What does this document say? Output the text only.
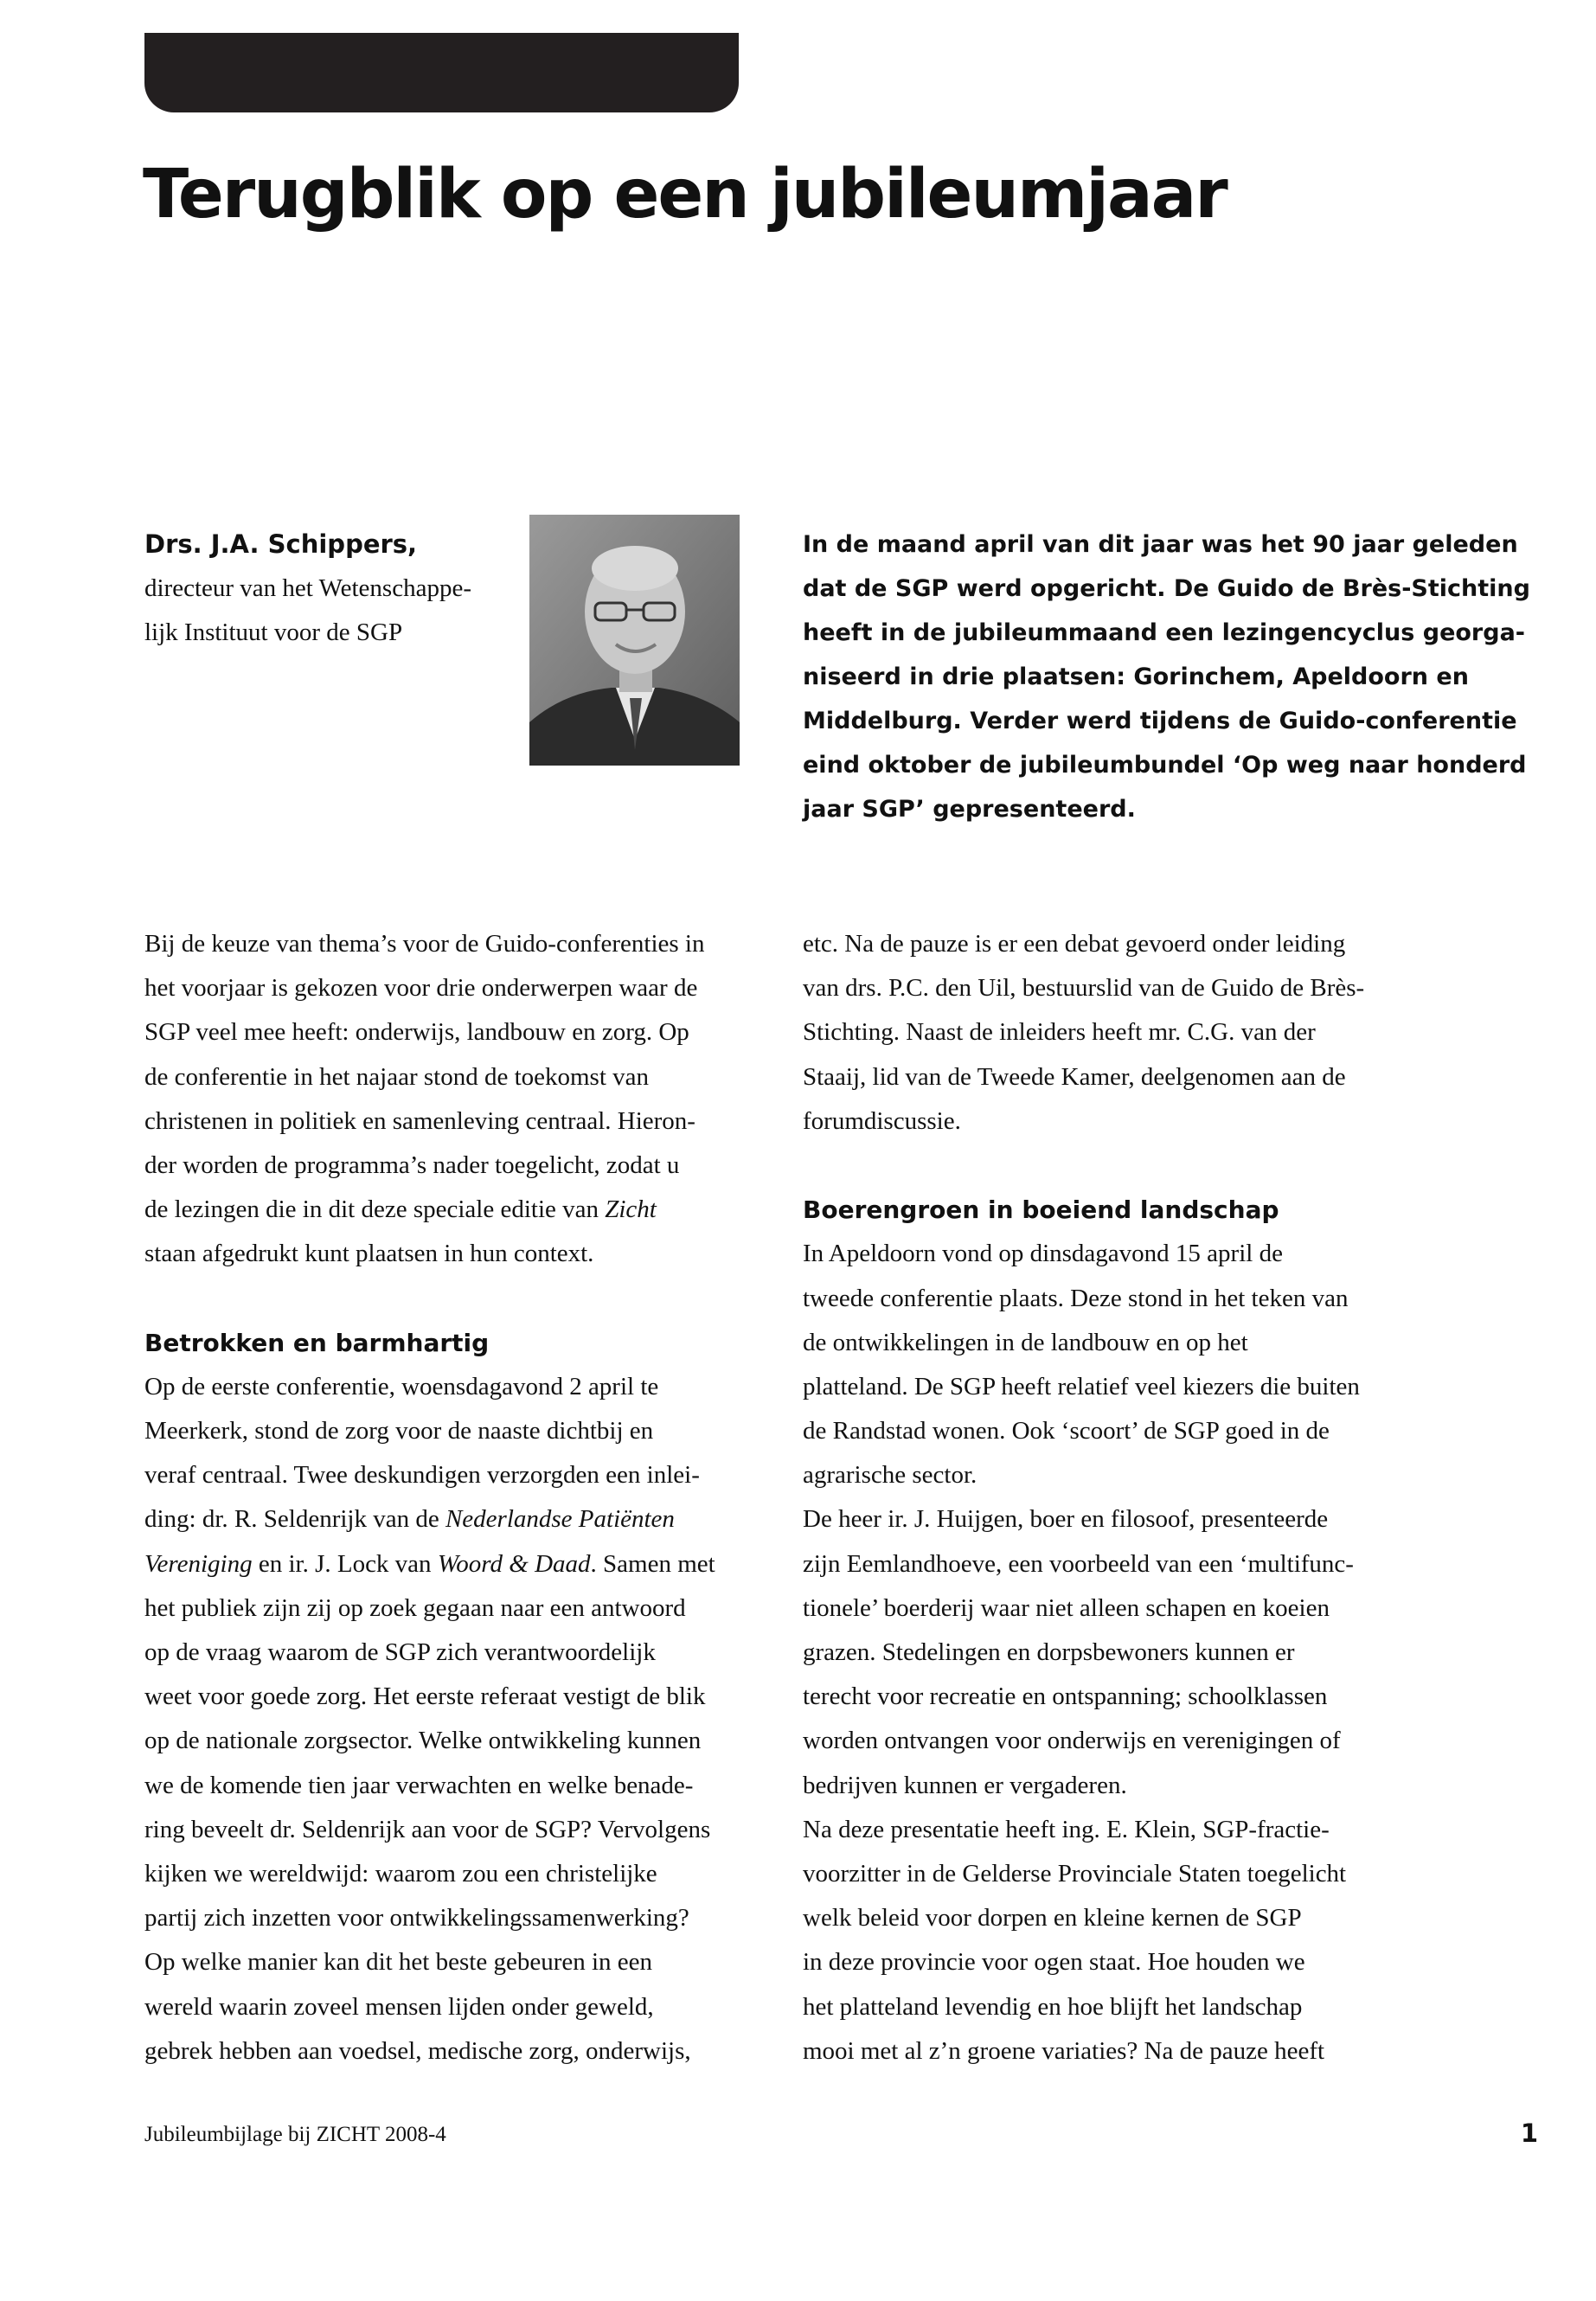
Terugblik op een jubileumjaar
Drs. J.A. Schippers,
directeur van het Wetenschappe-
lijk Instituut voor de SGP
In de maand april van dit jaar was het 90 jaar geleden
dat de SGP werd opgericht. De Guido de Brès-Stichting
heeft in de jubileummaand een lezingencyclus georga-
niseerd in drie plaatsen: Gorinchem, Apeldoorn en
Middelburg. Verder werd tijdens de Guido-conferentie
eind oktober de jubileumbundel ‘Op weg naar honderd
jaar SGP’ gepresenteerd.
Bij de keuze van thema’s voor de Guido-conferenties in
het voorjaar is gekozen voor drie onderwerpen waar de
SGP veel mee heeft: onderwijs, landbouw en zorg. Op
de conferentie in het najaar stond de toekomst van
christenen in politiek en samenleving centraal. Hieron-
der worden de programma’s nader toegelicht, zodat u
de lezingen die in dit deze speciale editie van Zicht
staan afgedrukt kunt plaatsen in hun context.
Betrokken en barmhartig
Op de eerste conferentie, woensdagavond 2 april te
Meerkerk, stond de zorg voor de naaste dichtbij en
veraf centraal. Twee deskundigen verzorgden een inlei-
ding: dr. R. Seldenrijk van de Nederlandse Patiënten
Vereniging en ir. J. Lock van Woord & Daad. Samen met
het publiek zijn zij op zoek gegaan naar een antwoord
op de vraag waarom de SGP zich verantwoordelijk
weet voor goede zorg. Het eerste referaat vestigt de blik
op de nationale zorgsector. Welke ontwikkeling kunnen
we de komende tien jaar verwachten en welke benade-
ring beveelt dr. Seldenrijk aan voor de SGP? Vervolgens
kijken we wereldwijd: waarom zou een christelijke
partij zich inzetten voor ontwikkelingssamenwerking?
Op welke manier kan dit het beste gebeuren in een
wereld waarin zoveel mensen lijden onder geweld,
gebrek hebben aan voedsel, medische zorg, onderwijs,
etc. Na de pauze is er een debat gevoerd onder leiding
van drs. P.C. den Uil, bestuurslid van de Guido de Brès-
Stichting. Naast de inleiders heeft mr. C.G. van der
Staaij, lid van de Tweede Kamer, deelgenomen aan de
forumdiscussie.
Boerengroen in boeiend landschap
In Apeldoorn vond op dinsdagavond 15 april de
tweede conferentie plaats. Deze stond in het teken van
de ontwikkelingen in de landbouw en op het
platteland. De SGP heeft relatief veel kiezers die buiten
de Randstad wonen. Ook ‘scoort’ de SGP goed in de
agrarische sector.
De heer ir. J. Huijgen, boer en filosoof, presenteerde
zijn Eemlandhoeve, een voorbeeld van een ‘multifunc-
tionele’ boerderij waar niet alleen schapen en koeien
grazen. Stedelingen en dorpsbewoners kunnen er
terecht voor recreatie en ontspanning; schoolklassen
worden ontvangen voor onderwijs en verenigingen of
bedrijven kunnen er vergaderen.
Na deze presentatie heeft ing. E. Klein, SGP-fractie-
voorzitter in de Gelderse Provinciale Staten toegelicht
welk beleid voor dorpen en kleine kernen de SGP
in deze provincie voor ogen staat. Hoe houden we
het platteland levendig en hoe blijft het landschap
mooi met al z’n groene variaties? Na de pauze heeft
Jubileumbijlage bij ZICHT 2008-4	1
